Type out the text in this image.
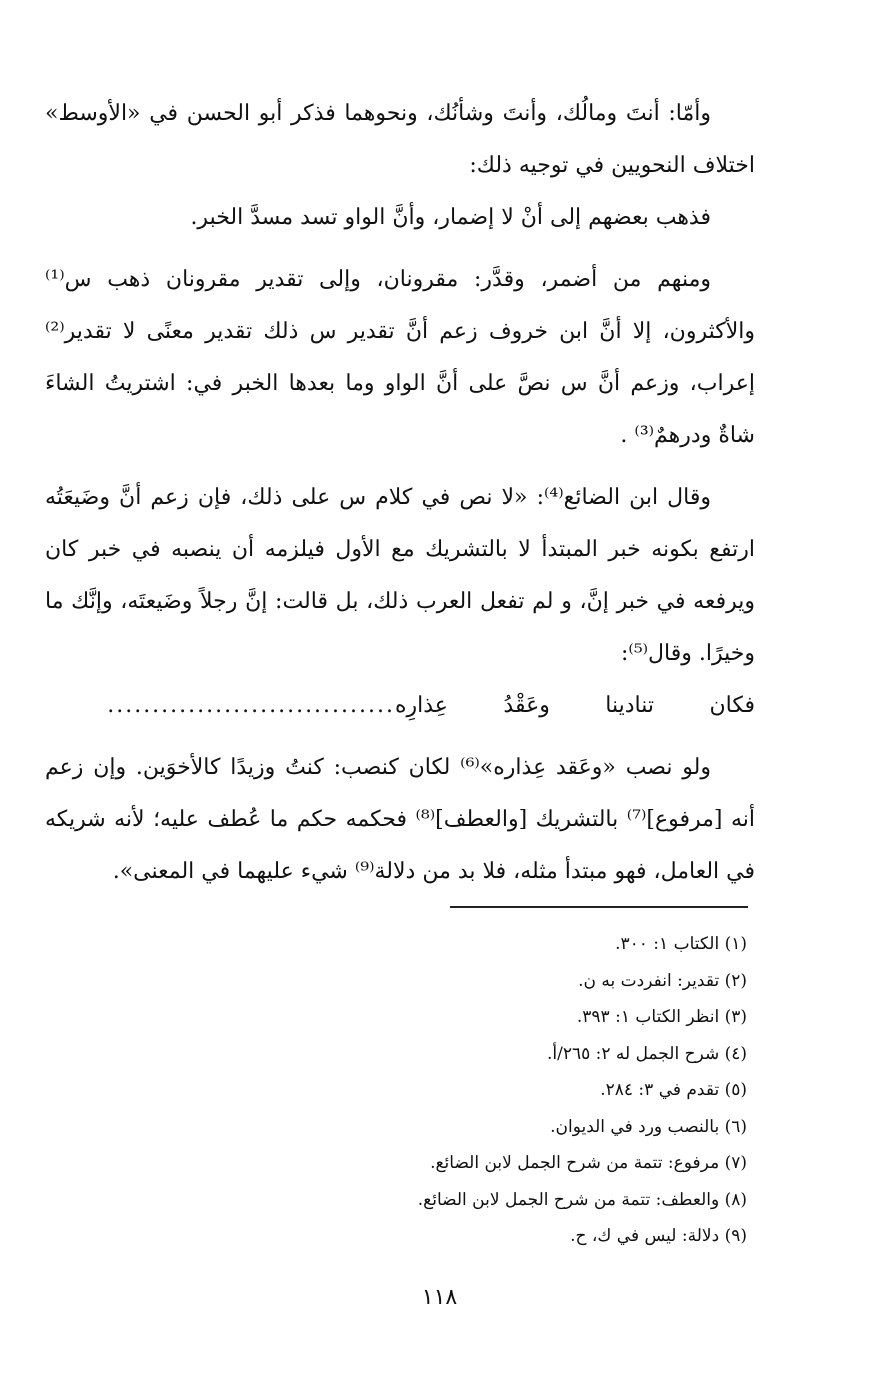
وأمّا: أنتَ ومالُك، وأنتَ وشأنُك، ونحوهما فذكر أبو الحسن في «الأوسط» اختلاف النحويين في توجيه ذلك:

فذهب بعضهم إلى أنْ لا إضمار، وأنَّ الواو تسد مسدَّ الخبر.

ومنهم من أضمر، وقدَّر: مقرونان، وإلى تقدير مقرونان ذهب س⁽¹⁾ والأكثرون، إلا أنَّ ابن خروف زعم أنَّ تقدير س ذلك تقدير معنًى لا تقدير⁽²⁾ إعراب، وزعم أنَّ س نصَّ على أنَّ الواو وما بعدها الخبر في: اشتريتُ الشاءَ شاةٌ ودرهمٌ⁽³⁾ .

وقال ابن الضائع⁽⁴⁾: «لا نص في كلام س على ذلك، فإن زعم أنَّ وضَيعَتُه ارتفع بكونه خبر المبتدأ لا بالتشريك مع الأول فيلزمه أن ينصبه في خبر كان ويرفعه في خبر إنَّ، و لم تفعل العرب ذلك، بل قالت: إنَّ رجلاً وضَيعتَه، وإنَّك ما وخيرًا. وقال⁽⁵⁾:

فكان
تنادينا
وعَقْدُ
عِذارِه
................................

ولو نصب «وعَقد عِذاره»⁽⁶⁾ لكان كنصب: كنتُ وزيدًا كالأخوَين. وإن زعم أنه [مرفوع]⁽⁷⁾ بالتشريك [والعطف]⁽⁸⁾ فحكمه حكم ما عُطف عليه؛ لأنه شريكه في العامل، فهو مبتدأ مثله، فلا بد من دلالة⁽⁹⁾ شيء عليهما في المعنى».

(١) الكتاب ١: ٣٠٠.

(٢) تقدير: انفردت به ن.

(٣) انظر الكتاب ١: ٣٩٣.

(٤) شرح الجمل له ٢: ٢٦٥/أ.

(٥) تقدم في ٣: ٢٨٤.

(٦) بالنصب ورد في الديوان.

(٧) مرفوع: تتمة من شرح الجمل لابن الضائع.

(٨) والعطف: تتمة من شرح الجمل لابن الضائع.

(٩) دلالة: ليس في ك، ح.

١١٨
